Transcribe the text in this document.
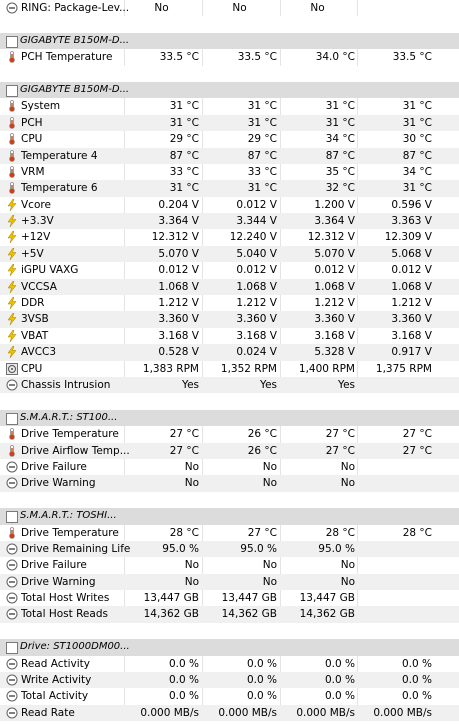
RING: Package-Lev...	No	No	No
GIGABYTE B150M-D...
PCH Temperature	33.5 °C	33.5 °C	34.0 °C	33.5 °C
GIGABYTE B150M-D...
System	31 °C	31 °C	31 °C	31 °C
PCH	31 °C	31 °C	31 °C	31 °C
CPU	29 °C	29 °C	34 °C	30 °C
Temperature 4	87 °C	87 °C	87 °C	87 °C
VRM	33 °C	33 °C	35 °C	34 °C
Temperature 6	31 °C	31 °C	32 °C	31 °C
Vcore	0.204 V	0.012 V	1.200 V	0.596 V
+3.3V	3.364 V	3.344 V	3.364 V	3.363 V
+12V	12.312 V	12.240 V	12.312 V	12.309 V
+5V	5.070 V	5.040 V	5.070 V	5.068 V
iGPU VAXG	0.012 V	0.012 V	0.012 V	0.012 V
VCCSA	1.068 V	1.068 V	1.068 V	1.068 V
DDR	1.212 V	1.212 V	1.212 V	1.212 V
3VSB	3.360 V	3.360 V	3.360 V	3.360 V
VBAT	3.168 V	3.168 V	3.168 V	3.168 V
AVCC3	0.528 V	0.024 V	5.328 V	0.917 V
CPU	1,383 RPM	1,352 RPM	1,400 RPM	1,375 RPM
Chassis Intrusion	Yes	Yes	Yes
S.M.A.R.T.: ST100...
Drive Temperature	27 °C	26 °C	27 °C	27 °C
Drive Airflow Temp...	27 °C	26 °C	27 °C	27 °C
Drive Failure	No	No	No
Drive Warning	No	No	No
S.M.A.R.T.: TOSHI...
Drive Temperature	28 °C	27 °C	28 °C	28 °C
Drive Remaining Life	95.0 %	95.0 %	95.0 %
Drive Failure	No	No	No
Drive Warning	No	No	No
Total Host Writes	13,447 GB	13,447 GB	13,447 GB
Total Host Reads	14,362 GB	14,362 GB	14,362 GB
Drive: ST1000DM00...
Read Activity	0.0 %	0.0 %	0.0 %	0.0 %
Write Activity	0.0 %	0.0 %	0.0 %	0.0 %
Total Activity	0.0 %	0.0 %	0.0 %	0.0 %
Read Rate	0.000 MB/s	0.000 MB/s	0.000 MB/s	0.000 MB/s
